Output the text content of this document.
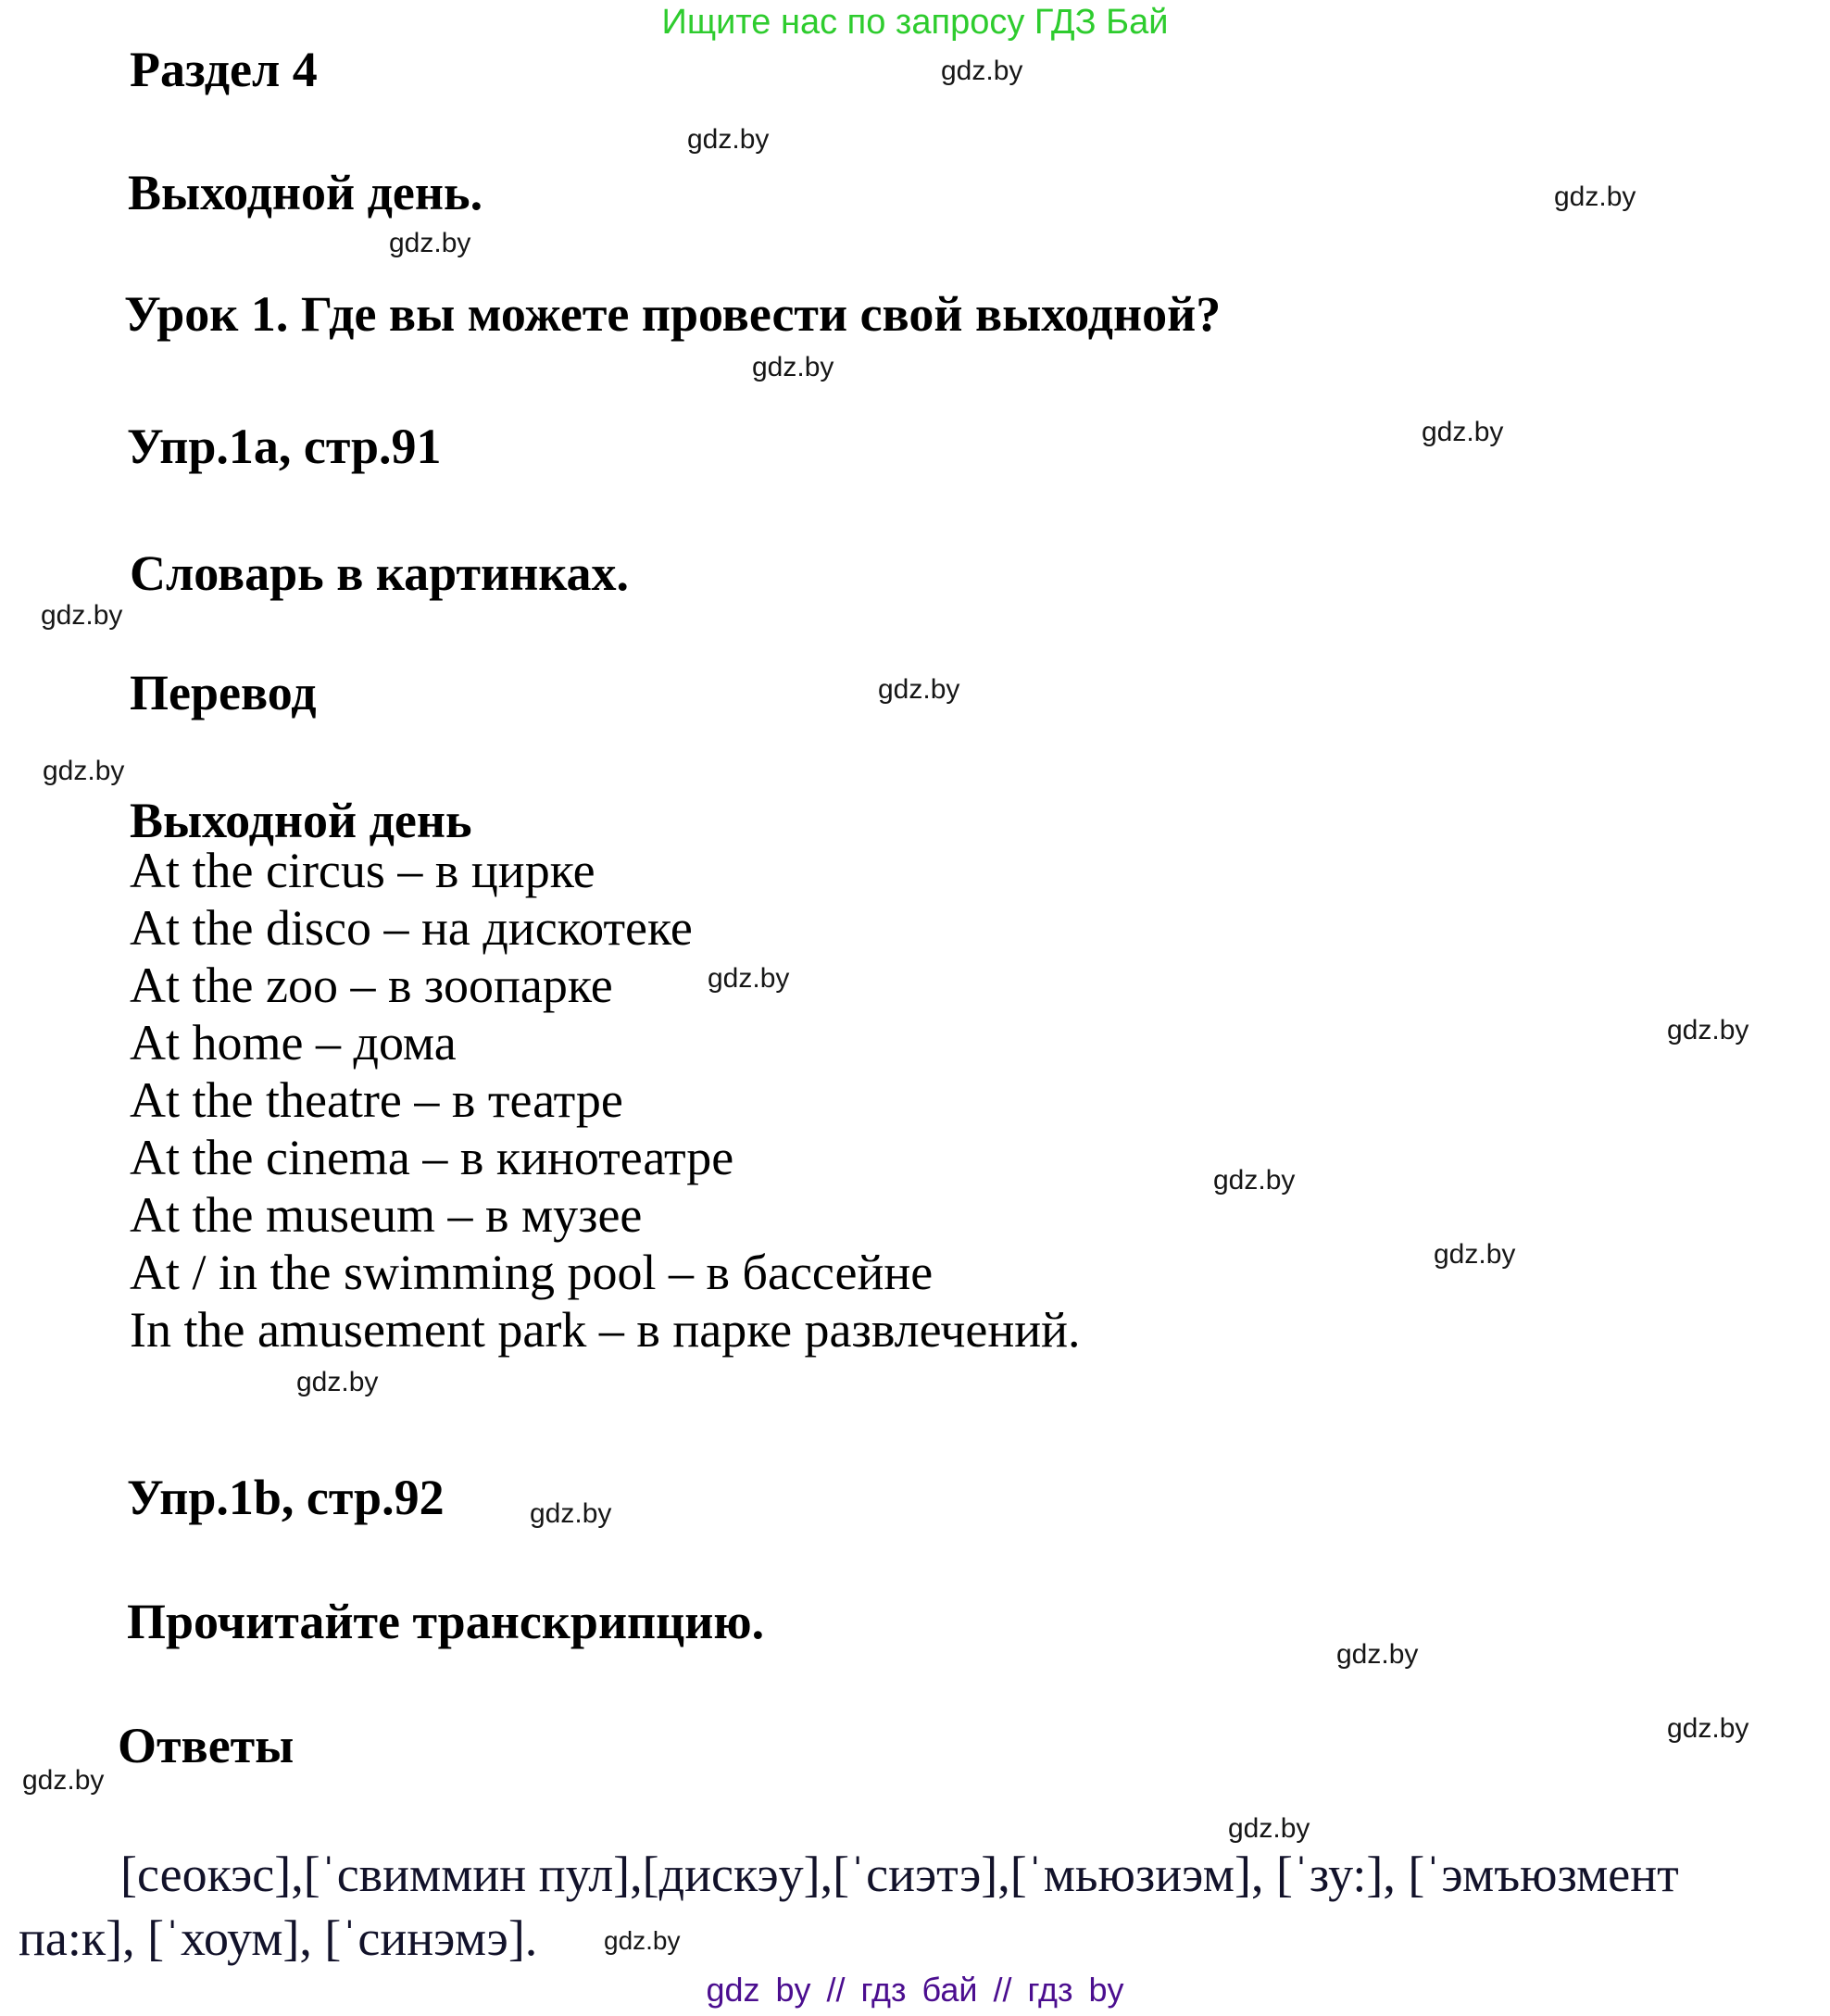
Ищите нас по запросу ГДЗ Бай
Раздел 4
Выходной день.
Урок 1. Где вы можете провести свой выходной?
Упр.1a, стр.91
Словарь в картинках.
Перевод
Выходной день
At the circus – в цирке
At the disco – на дискотеке
At the zoo – в зоопарке
At home – дома
At the theatre – в театре
At the cinema – в кинотеатре
At the museum – в музее
At / in the swimming pool – в бассейне
In the amusement park – в парке развлечений.
Упр.1b, стр.92
Прочитайте транскрипцию.
Ответы
[сеокэс],[ˈсвиммин пул],[дискэу],[ˈсиэтэ],[ˈмьюзиэм], [ˈзу:], [ˈэмъюзмент
па:к], [ˈхоум], [ˈсинэмэ].
gdz by // гдз бай // гдз by
gdz.by
gdz.by
gdz.by
gdz.by
gdz.by
gdz.by
gdz.by
gdz.by
gdz.by
gdz.by
gdz.by
gdz.by
gdz.by
gdz.by
gdz.by
gdz.by
gdz.by
gdz.by
gdz.by
gdz.by
